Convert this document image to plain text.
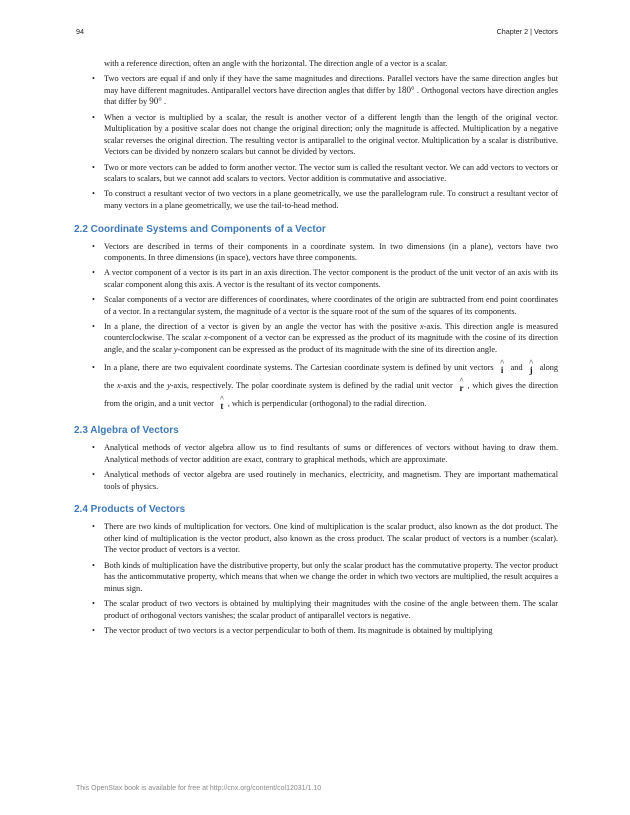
94	Chapter 2 | Vectors
with a reference direction, often an angle with the horizontal. The direction angle of a vector is a scalar.
• Two vectors are equal if and only if they have the same magnitudes and directions. Parallel vectors have the same direction angles but may have different magnitudes. Antiparallel vectors have direction angles that differ by 180° . Orthogonal vectors have direction angles that differ by 90° .
• When a vector is multiplied by a scalar, the result is another vector of a different length than the length of the original vector. Multiplication by a positive scalar does not change the original direction; only the magnitude is affected. Multiplication by a negative scalar reverses the original direction. The resulting vector is antiparallel to the original vector. Multiplication by a scalar is distributive. Vectors can be divided by nonzero scalars but cannot be divided by vectors.
• Two or more vectors can be added to form another vector. The vector sum is called the resultant vector. We can add vectors to vectors or scalars to scalars, but we cannot add scalars to vectors. Vector addition is commutative and associative.
• To construct a resultant vector of two vectors in a plane geometrically, we use the parallelogram rule. To construct a resultant vector of many vectors in a plane geometrically, we use the tail-to-head method.
2.2 Coordinate Systems and Components of a Vector
• Vectors are described in terms of their components in a coordinate system. In two dimensions (in a plane), vectors have two components. In three dimensions (in space), vectors have three components.
• A vector component of a vector is its part in an axis direction. The vector component is the product of the unit vector of an axis with its scalar component along this axis. A vector is the resultant of its vector components.
• Scalar components of a vector are differences of coordinates, where coordinates of the origin are subtracted from end point coordinates of a vector. In a rectangular system, the magnitude of a vector is the square root of the sum of the squares of its components.
• In a plane, the direction of a vector is given by an angle the vector has with the positive x-axis. This direction angle is measured counterclockwise. The scalar x-component of a vector can be expressed as the product of its magnitude with the cosine of its direction angle, and the scalar y-component can be expressed as the product of its magnitude with the sine of its direction angle.
• In a plane, there are two equivalent coordinate systems. The Cartesian coordinate system is defined by unit vectors
^
i and
^
j along the x-axis and the y-axis, respectively. The polar coordinate system is defined by the radial unit vector
^
r , which gives the direction from the origin, and a unit vector
^
t , which is perpendicular (orthogonal) to the radial direction.
2.3 Algebra of Vectors
• Analytical methods of vector algebra allow us to find resultants of sums or differences of vectors without having to draw them. Analytical methods of vector addition are exact, contrary to graphical methods, which are approximate.
• Analytical methods of vector algebra are used routinely in mechanics, electricity, and magnetism. They are important mathematical tools of physics.
2.4 Products of Vectors
• There are two kinds of multiplication for vectors. One kind of multiplication is the scalar product, also known as the dot product. The other kind of multiplication is the vector product, also known as the cross product. The scalar product of vectors is a number (scalar). The vector product of vectors is a vector.
• Both kinds of multiplication have the distributive property, but only the scalar product has the commutative property. The vector product has the anticommutative property, which means that when we change the order in which two vectors are multiplied, the result acquires a minus sign.
• The scalar product of two vectors is obtained by multiplying their magnitudes with the cosine of the angle between them. The scalar product of orthogonal vectors vanishes; the scalar product of antiparallel vectors is negative.
• The vector product of two vectors is a vector perpendicular to both of them. Its magnitude is obtained by multiplying
This OpenStax book is available for free at http://cnx.org/content/col12031/1.10
